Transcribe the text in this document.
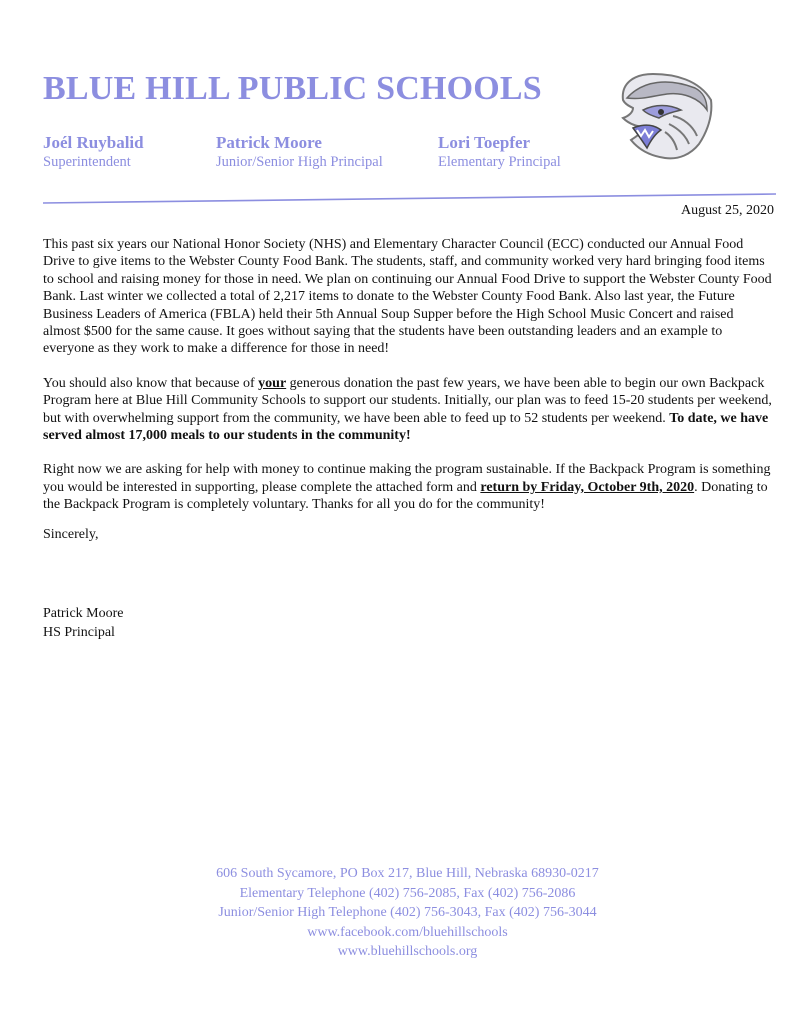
BLUE HILL PUBLIC SCHOOLS
Joél Ruybalid
Superintendent
Patrick Moore
Junior/Senior High Principal
Lori Toepfer
Elementary Principal
August 25, 2020

This past six years our National Honor Society (NHS) and Elementary Character Council (ECC) conducted our Annual Food Drive to give items to the Webster County Food Bank. The students, staff, and community worked very hard bringing food items to school and raising money for those in need. We plan on continuing our Annual Food Drive to support the Webster County Food Bank. Last winter we collected a total of 2,217 items to donate to the Webster County Food Bank. Also last year, the Future Business Leaders of America (FBLA) held their 5th Annual Soup Supper before the High School Music Concert and raised almost $500 for the same cause. It goes without saying that the students have been outstanding leaders and an example to everyone as they work to make a difference for those in need!

You should also know that because of your generous donation the past few years, we have been able to begin our own Backpack Program here at Blue Hill Community Schools to support our students. Initially, our plan was to feed 15-20 students per weekend, but with overwhelming support from the community, we have been able to feed up to 52 students per weekend. To date, we have served almost 17,000 meals to our students in the community!

Right now we are asking for help with money to continue making the program sustainable. If the Backpack Program is something you would be interested in supporting, please complete the attached form and return by Friday, October 9th, 2020. Donating to the Backpack Program is completely voluntary. Thanks for all you do for the community!

Sincerely,
Patrick Moore
HS Principal
606 South Sycamore, PO Box 217, Blue Hill, Nebraska 68930-0217
Elementary Telephone (402) 756-2085, Fax (402) 756-2086
Junior/Senior High Telephone (402) 756-3043, Fax (402) 756-3044
www.facebook.com/bluehillschools
www.bluehillschools.org
